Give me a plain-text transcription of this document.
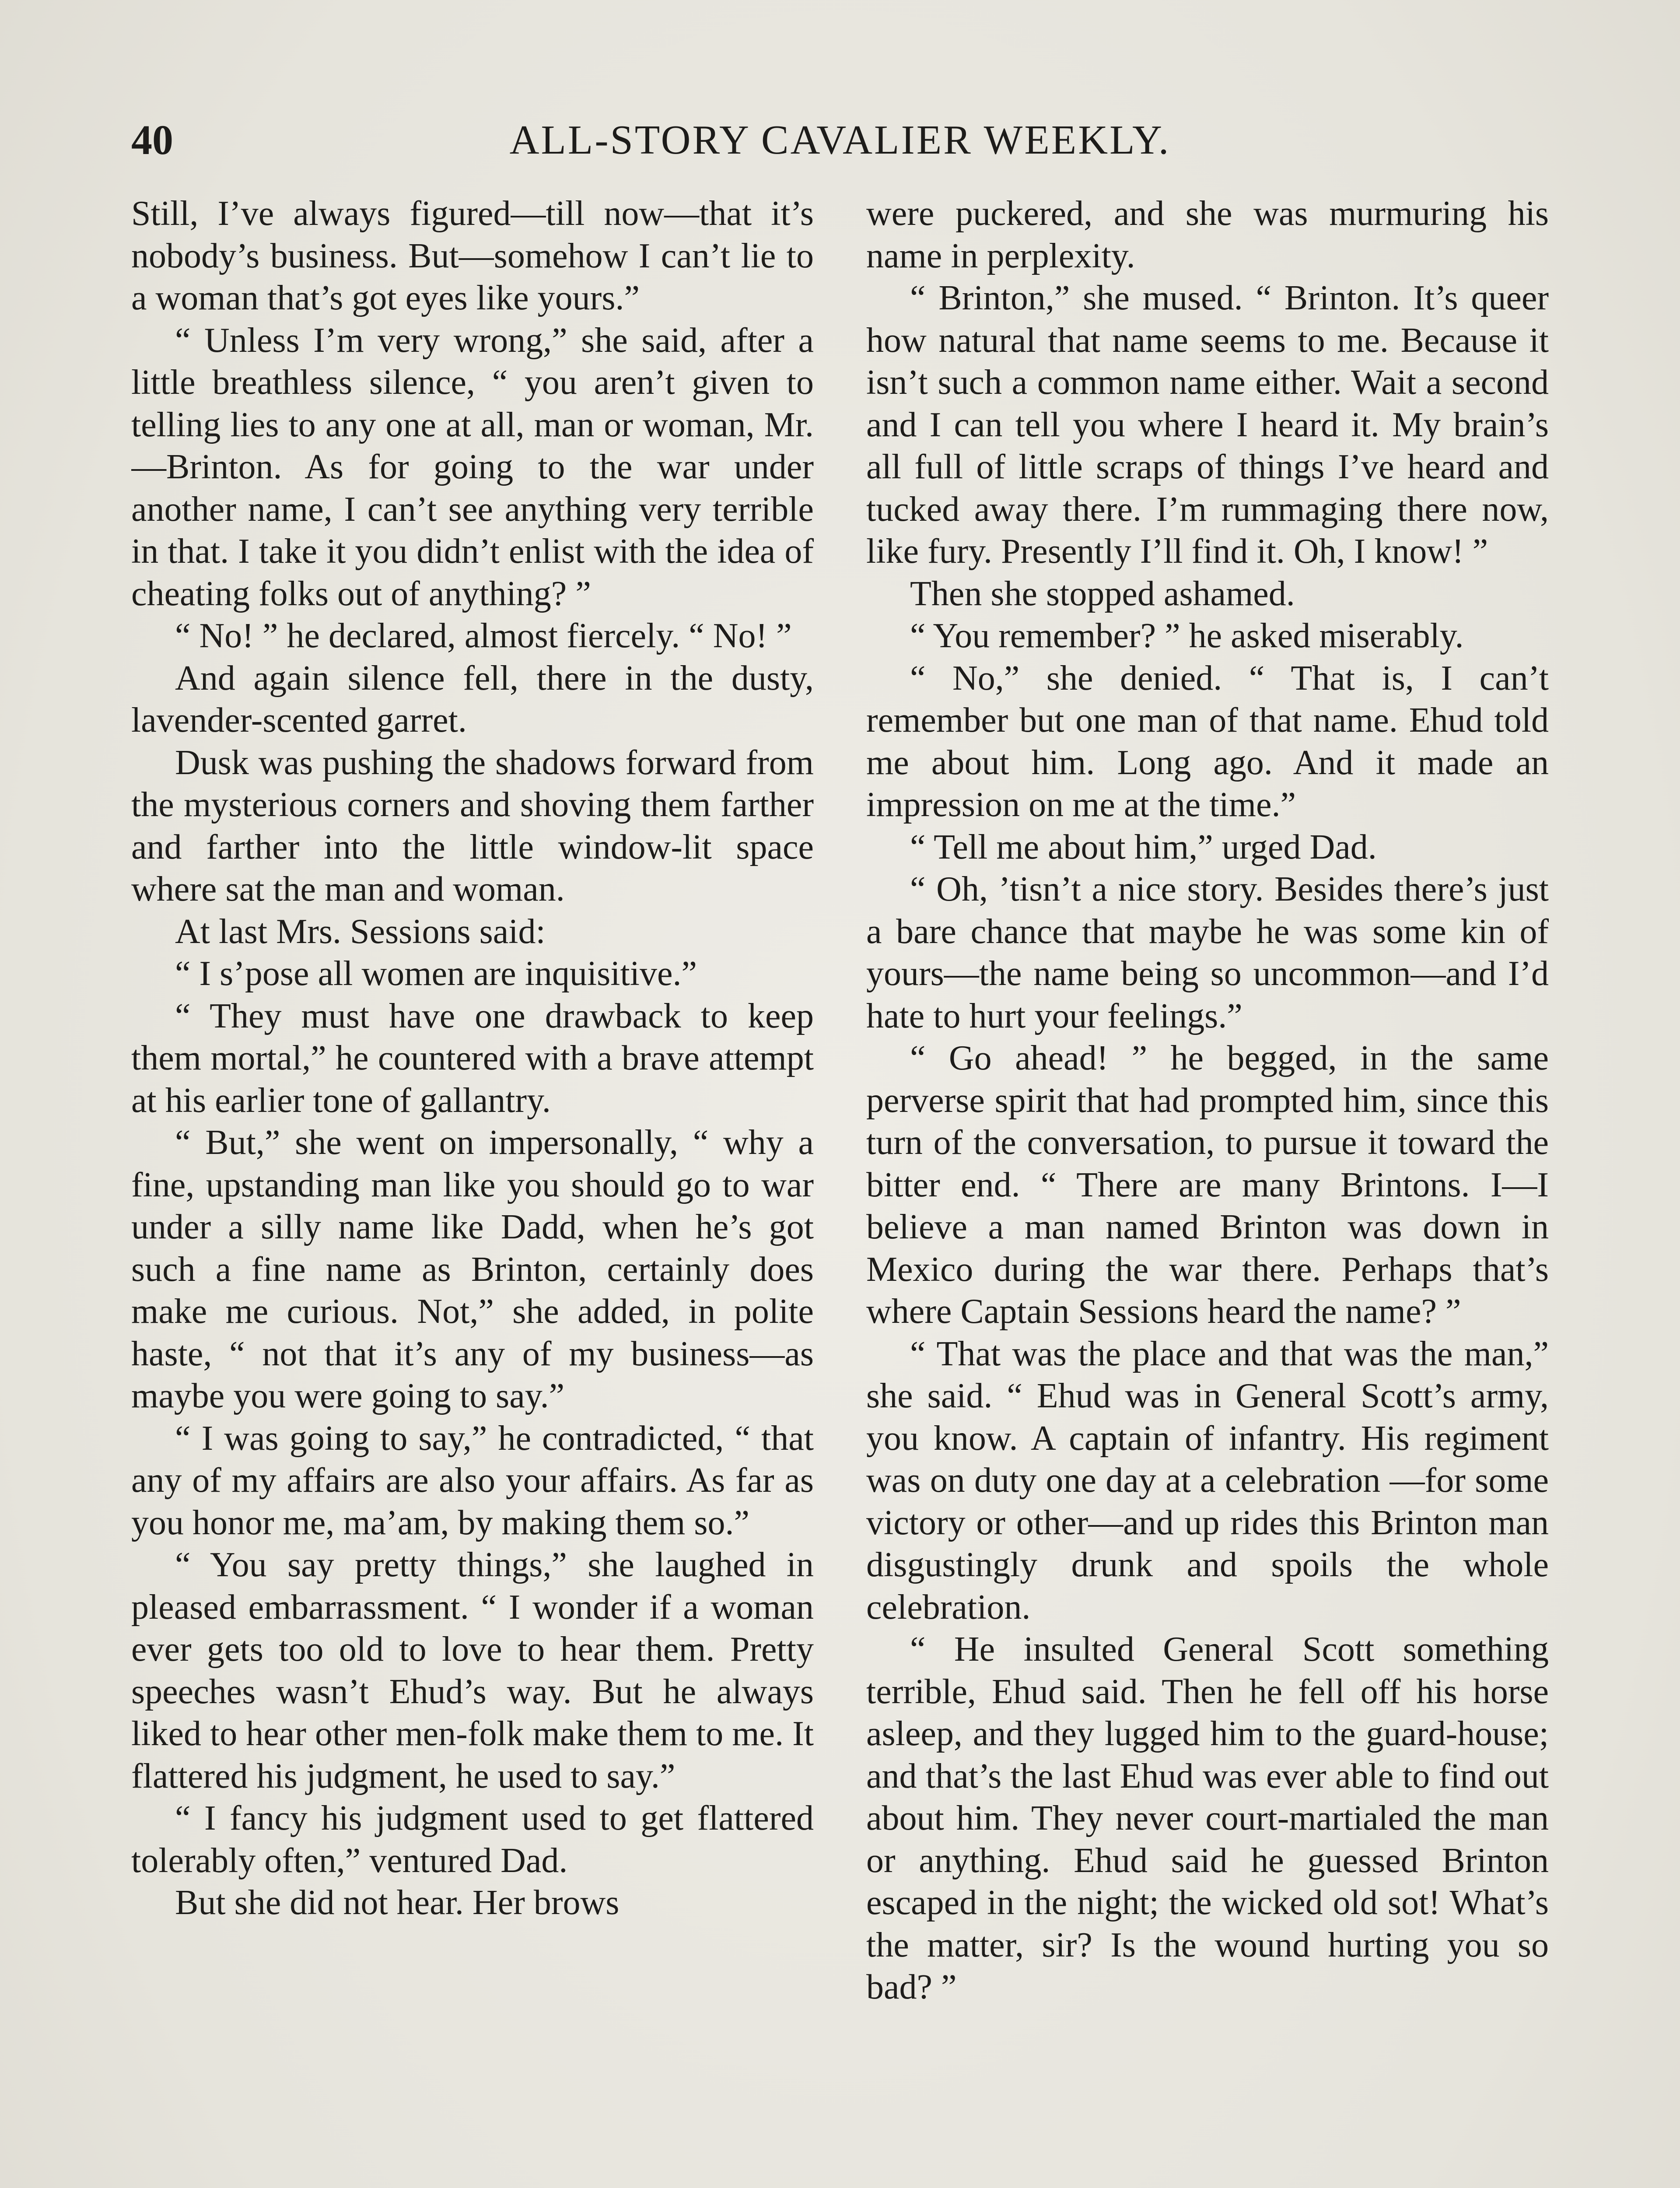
40	ALL-STORY CAVALIER WEEKLY.

Still, I’ve always figured—till now—that it’s nobody’s business. But—somehow I can’t lie to a woman that’s got eyes like yours.”

“ Unless I’m very wrong,” she said, after a little breathless silence, “ you aren’t given to telling lies to any one at all, man or woman, Mr.—Brinton. As for going to the war under another name, I can’t see anything very terrible in that. I take it you didn’t enlist with the idea of cheating folks out of anything? ”

“ No! ” he declared, almost fiercely. “ No! ”

And again silence fell, there in the dusty, lavender-scented garret.

Dusk was pushing the shadows forward from the mysterious corners and shoving them farther and farther into the little window-lit space where sat the man and woman.

At last Mrs. Sessions said:

“ I s’pose all women are inquisitive.”

“ They must have one drawback to keep them mortal,” he countered with a brave attempt at his earlier tone of gallantry.

“ But,” she went on impersonally, “ why a fine, upstanding man like you should go to war under a silly name like Dadd, when he’s got such a fine name as Brinton, certainly does make me curious. Not,” she added, in polite haste, “ not that it’s any of my business—as maybe you were going to say.”

“ I was going to say,” he contradicted, “ that any of my affairs are also your affairs. As far as you honor me, ma’am, by making them so.”

“ You say pretty things,” she laughed in pleased embarrassment. “ I wonder if a woman ever gets too old to love to hear them. Pretty speeches wasn’t Ehud’s way. But he always liked to hear other men-folk make them to me. It flattered his judgment, he used to say.”

“ I fancy his judgment used to get flattered tolerably often,” ventured Dad.

But she did not hear. Her brows

were puckered, and she was murmuring his name in perplexity.

“ Brinton,” she mused. “ Brinton. It’s queer how natural that name seems to me. Because it isn’t such a common name either. Wait a second and I can tell you where I heard it. My brain’s all full of little scraps of things I’ve heard and tucked away there. I’m rummaging there now, like fury. Presently I’ll find it. Oh, I know! ”

Then she stopped ashamed.

“ You remember? ” he asked miserably.

“ No,” she denied. “ That is, I can’t remember but one man of that name. Ehud told me about him. Long ago. And it made an impression on me at the time.”

“ Tell me about him,” urged Dad.

“ Oh, ’tisn’t a nice story. Besides there’s just a bare chance that maybe he was some kin of yours—the name being so uncommon—and I’d hate to hurt your feelings.”

“ Go ahead! ” he begged, in the same perverse spirit that had prompted him, since this turn of the conversation, to pursue it toward the bitter end. “ There are many Brintons. I—I believe a man named Brinton was down in Mexico during the war there. Perhaps that’s where Captain Sessions heard the name? ”

“ That was the place and that was the man,” she said. “ Ehud was in General Scott’s army, you know. A captain of infantry. His regiment was on duty one day at a celebration —for some victory or other—and up rides this Brinton man disgustingly drunk and spoils the whole celebration.

“ He insulted General Scott something terrible, Ehud said. Then he fell off his horse asleep, and they lugged him to the guard-house; and that’s the last Ehud was ever able to find out about him. They never court-martialed the man or anything. Ehud said he guessed Brinton escaped in the night; the wicked old sot! What’s the matter, sir? Is the wound hurting you so bad? ”
